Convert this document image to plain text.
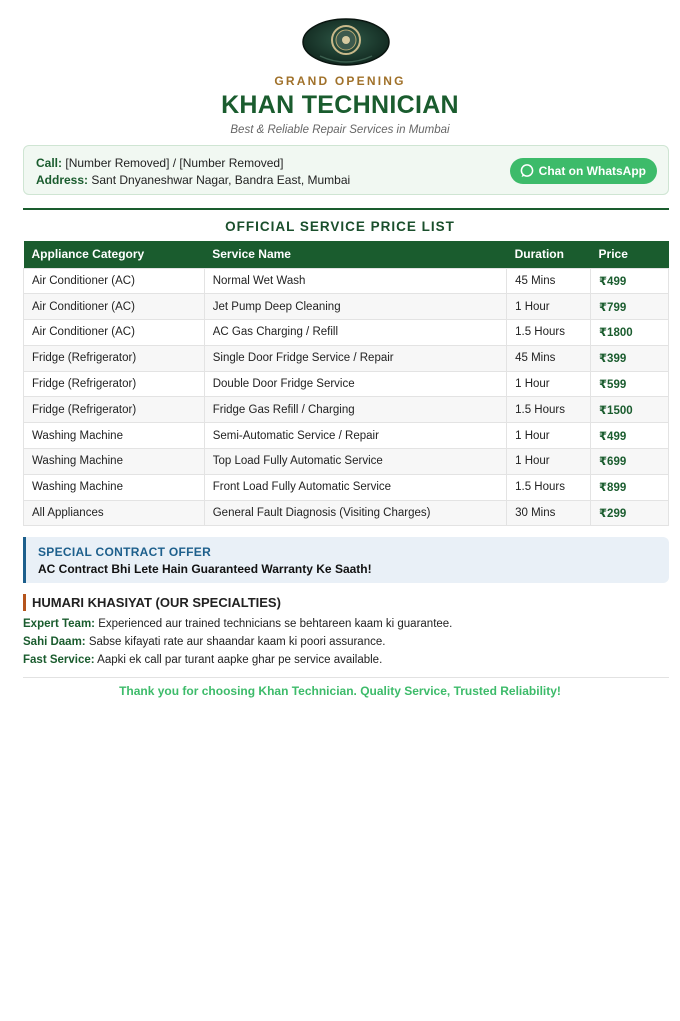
GRAND OPENING
KHAN TECHNICIAN
Best & Reliable Repair Services in Mumbai
Call: [Number Removed] / [Number Removed]
Address: Sant Dnyaneshwar Nagar, Bandra East, Mumbai
Chat on WhatsApp
OFFICIAL SERVICE PRICE LIST
Appliance Category	Service Name	Duration	Price
Air Conditioner (AC)	Normal Wet Wash	45 Mins	₹499
Air Conditioner (AC)	Jet Pump Deep Cleaning	1 Hour	₹799
Air Conditioner (AC)	AC Gas Charging / Refill	1.5 Hours	₹1800
Fridge (Refrigerator)	Single Door Fridge Service / Repair	45 Mins	₹399
Fridge (Refrigerator)	Double Door Fridge Service	1 Hour	₹599
Fridge (Refrigerator)	Fridge Gas Refill / Charging	1.5 Hours	₹1500
Washing Machine	Semi-Automatic Service / Repair	1 Hour	₹499
Washing Machine	Top Load Fully Automatic Service	1 Hour	₹699
Washing Machine	Front Load Fully Automatic Service	1.5 Hours	₹899
All Appliances	General Fault Diagnosis (Visiting Charges)	30 Mins	₹299
SPECIAL CONTRACT OFFER
AC Contract Bhi Lete Hain Guaranteed Warranty Ke Saath!
HUMARI KHASIYAT (OUR SPECIALTIES)
Expert Team: Experienced aur trained technicians se behtareen kaam ki guarantee.
Sahi Daam: Sabse kifayati rate aur shaandar kaam ki poori assurance.
Fast Service: Aapki ek call par turant aapke ghar pe service available.
Thank you for choosing Khan Technician. Quality Service, Trusted Reliability!
